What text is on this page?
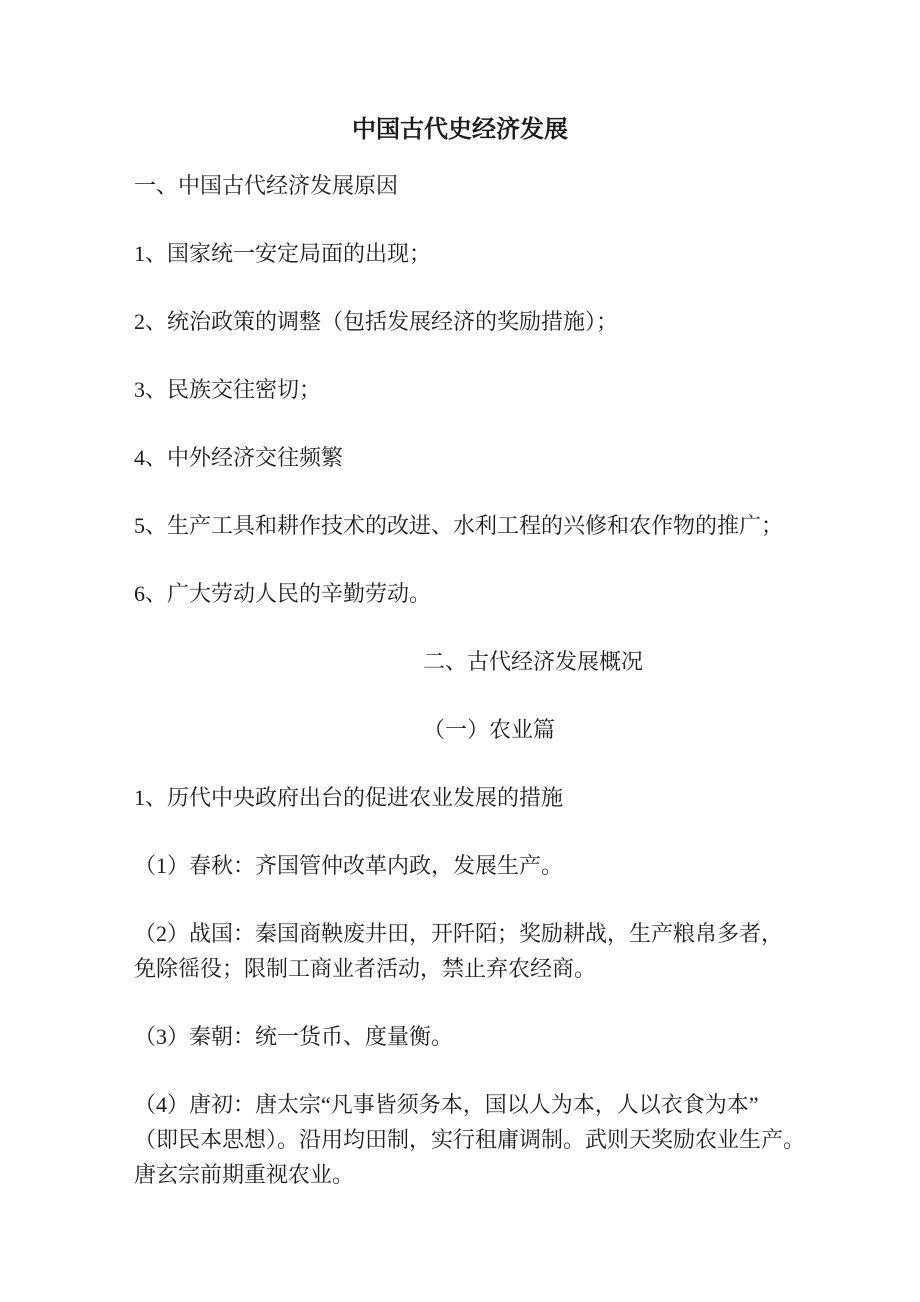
中国古代史经济发展

一、中国古代经济发展原因

1、国家统一安定局面的出现；

2、统治政策的调整（包括发展经济的奖励措施）；

3、民族交往密切；

4、中外经济交往频繁

5、生产工具和耕作技术的改进、水利工程的兴修和农作物的推广；

6、广大劳动人民的辛勤劳动。

二、古代经济发展概况

（一）农业篇

1、历代中央政府出台的促进农业发展的措施

（1）春秋：齐国管仲改革内政，发展生产。

（2）战国：秦国商鞅废井田，开阡陌；奖励耕战，生产粮帛多者，
免除徭役；限制工商业者活动，禁止弃农经商。

（3）秦朝：统一货币、度量衡。

（4）唐初：唐太宗“凡事皆须务本，国以人为本，人以衣食为本”
（即民本思想）。沿用均田制，实行租庸调制。武则天奖励农业生产。
唐玄宗前期重视农业。
